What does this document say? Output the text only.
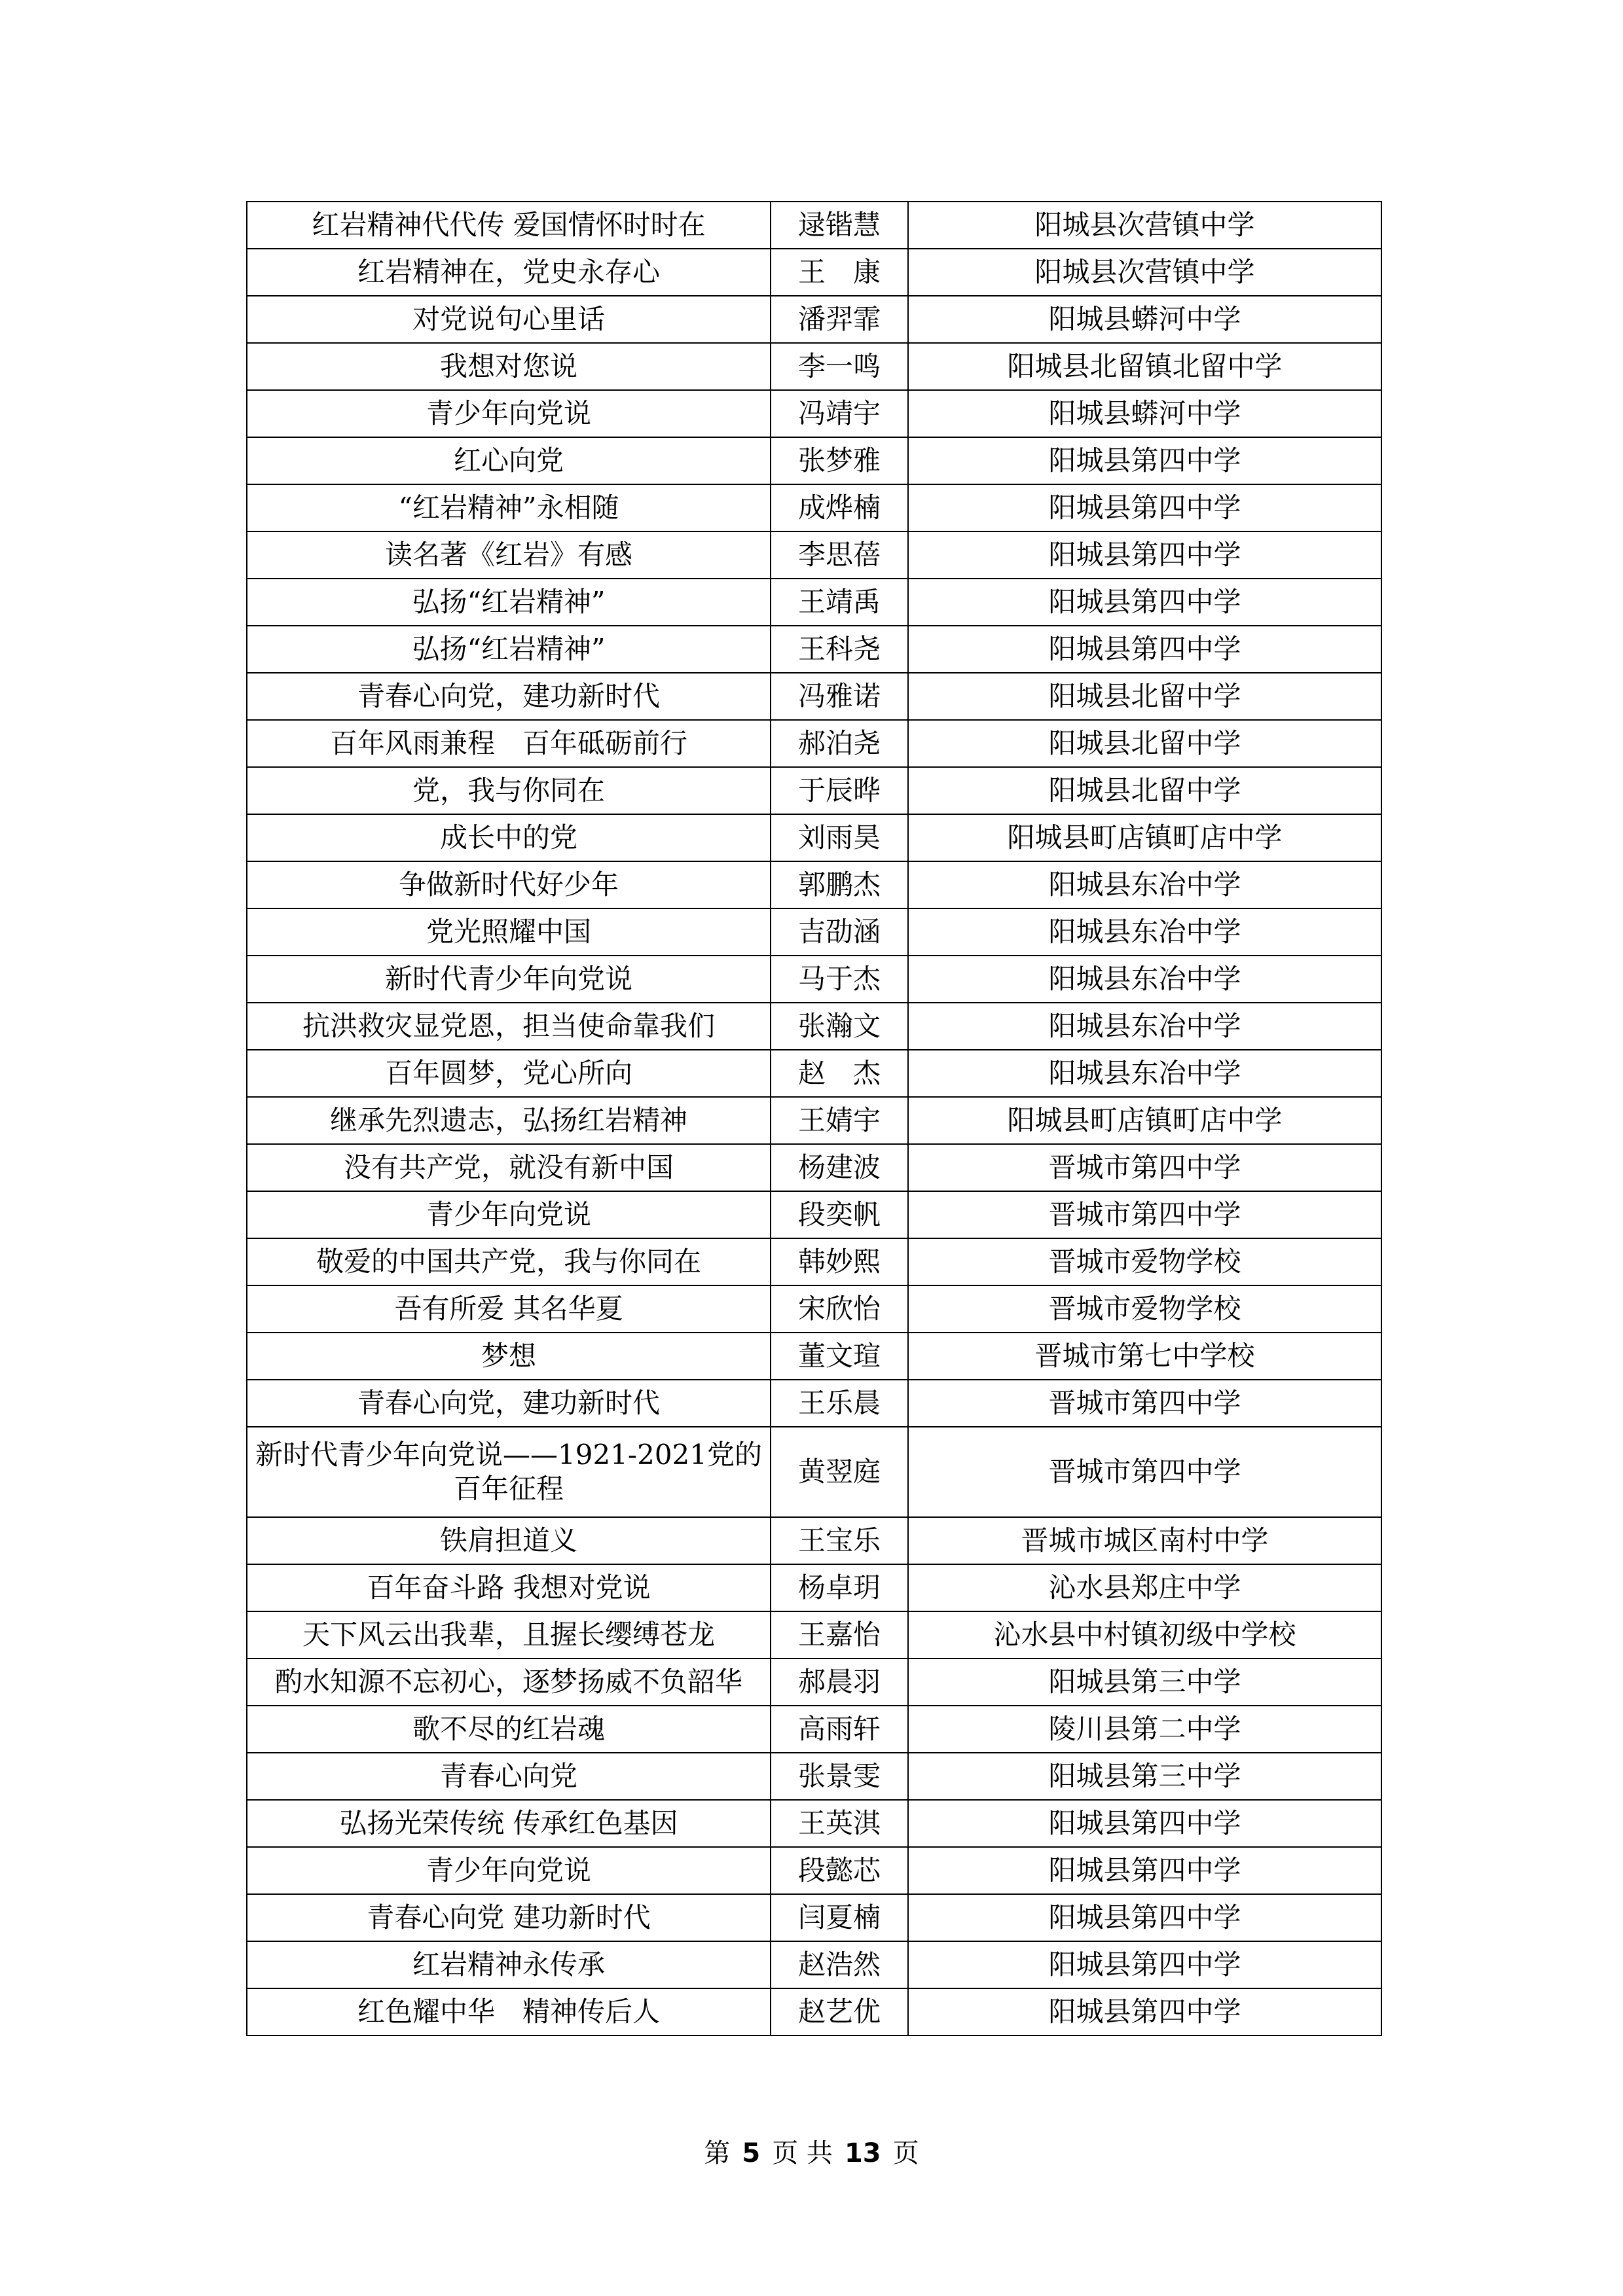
红岩精神代代传 爱国情怀时时在	逯锴慧	阳城县次营镇中学
红岩精神在，党史永存心	王　康	阳城县次营镇中学
对党说句心里话	潘羿霏	阳城县蟒河中学
我想对您说	李一鸣	阳城县北留镇北留中学
青少年向党说	冯靖宇	阳城县蟒河中学
红心向党	张梦雅	阳城县第四中学
“红岩精神”永相随	成烨楠	阳城县第四中学
读名著《红岩》有感	李思蓓	阳城县第四中学
弘扬“红岩精神”	王靖禹	阳城县第四中学
弘扬“红岩精神”	王科尧	阳城县第四中学
青春心向党，建功新时代	冯雅诺	阳城县北留中学
百年风雨兼程　百年砥砺前行	郝泊尧	阳城县北留中学
党，我与你同在	于辰晔	阳城县北留中学
成长中的党	刘雨昊	阳城县町店镇町店中学
争做新时代好少年	郭鹏杰	阳城县东冶中学
党光照耀中国	吉劭涵	阳城县东冶中学
新时代青少年向党说	马于杰	阳城县东冶中学
抗洪救灾显党恩，担当使命靠我们	张瀚文	阳城县东冶中学
百年圆梦，党心所向	赵　杰	阳城县东冶中学
继承先烈遗志，弘扬红岩精神	王婧宇	阳城县町店镇町店中学
没有共产党，就没有新中国	杨建波	晋城市第四中学
青少年向党说	段奕帆	晋城市第四中学
敬爱的中国共产党，我与你同在	韩妙熙	晋城市爱物学校
吾有所爱 其名华夏	宋欣怡	晋城市爱物学校
梦想	董文瑄	晋城市第七中学校
青春心向党，建功新时代	王乐晨	晋城市第四中学
新时代青少年向党说——1921-2021党的百年征程	黄翌庭	晋城市第四中学
铁肩担道义	王宝乐	晋城市城区南村中学
百年奋斗路 我想对党说	杨卓玥	沁水县郑庄中学
天下风云出我辈，且握长缨缚苍龙	王嘉怡	沁水县中村镇初级中学校
酌水知源不忘初心，逐梦扬威不负韶华	郝晨羽	阳城县第三中学
歌不尽的红岩魂	高雨轩	陵川县第二中学
青春心向党	张景雯	阳城县第三中学
弘扬光荣传统 传承红色基因	王英淇	阳城县第四中学
青少年向党说	段懿芯	阳城县第四中学
青春心向党 建功新时代	闫夏楠	阳城县第四中学
红岩精神永传承	赵浩然	阳城县第四中学
红色耀中华　精神传后人	赵艺优	阳城县第四中学
第 5 页 共 13 页
